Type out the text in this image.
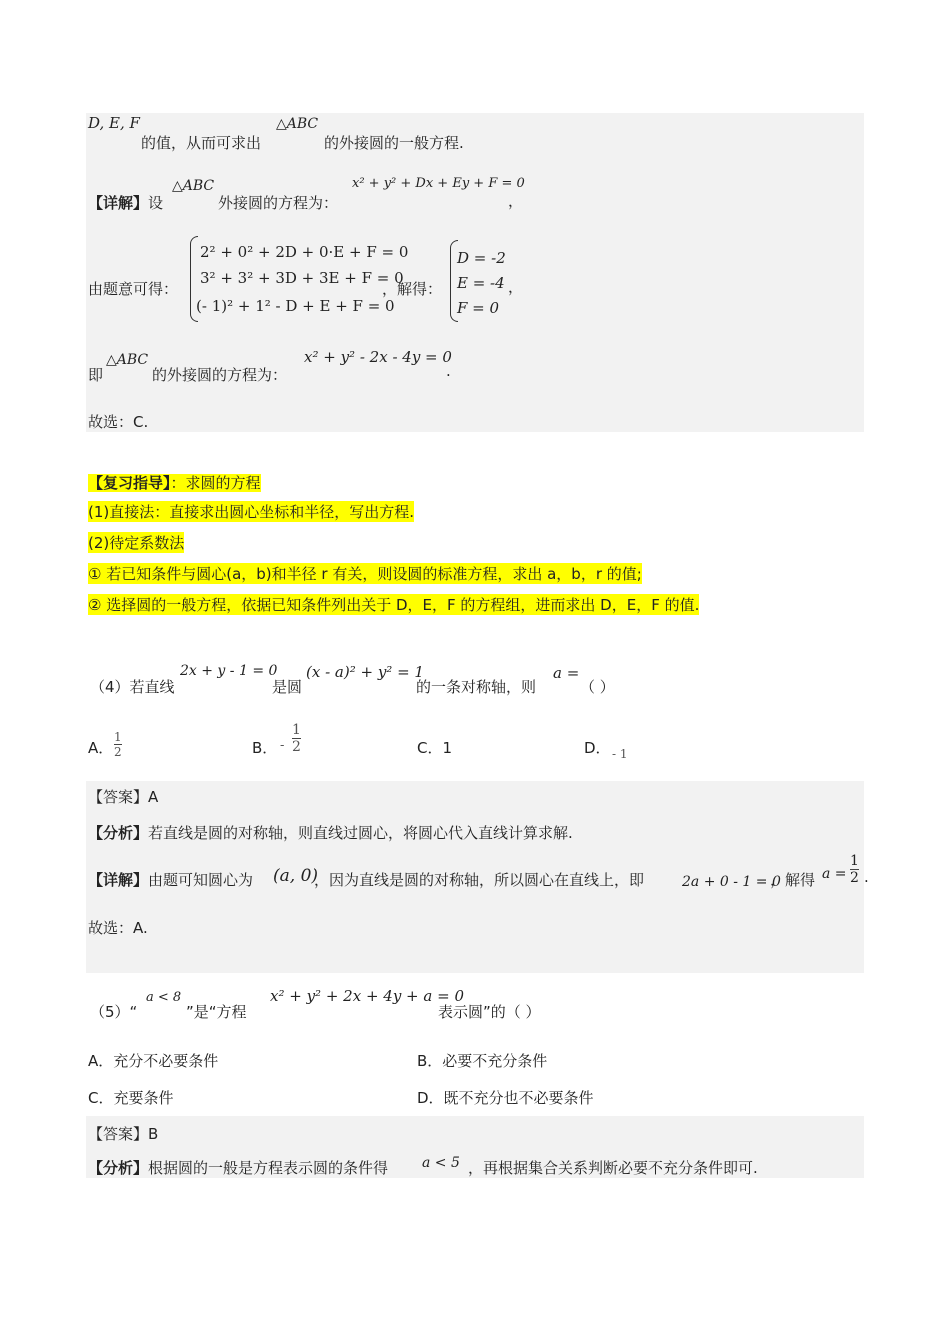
D, E, F
的值，从而可求出
△ABC
的外接圆的一般方程.
【详解】设
△ABC
外接圆的方程为：
x² + y² + Dx + Ey + F = 0
，
由题意可得：
2² + 0² + 2D + 0·E + F = 0
3² + 3² + 3D + 3E + F = 0
(- 1)² + 1² - D + E + F = 0
，解得：
D = -2
E = -4
F = 0
，
即
△ABC
的外接圆的方程为：
x² + y² - 2x - 4y = 0
.
故选：C.
【复习指导】：求圆的方程
(1)直接法：直接求出圆心坐标和半径，写出方程.
(2)待定系数法
① 若已知条件与圆心(a，b)和半径 r 有关，则设圆的标准方程，求出 a，b，r 的值;
② 选择圆的一般方程，依据已知条件列出关于 D，E，F 的方程组，进而求出 D，E，F 的值.
（4）若直线
2x + y - 1 = 0
是圆
(x - a)² + y² = 1
的一条对称轴，则
a =
（ ）
A．
1
2	B． -
1
2	C．1	D． - 1
【答案】A
【分析】若直线是圆的对称轴，则直线过圆心，将圆心代入直线计算求解.
【详解】由题可知圆心为 (a, 0)
，因为直线是圆的对称轴，所以圆心在直线上，即	2a + 0 - 1 = 0
，解得 a =
1
2 .
故选：A.
（5）“
a < 8
”是“方程
x² + y² + 2x + 4y + a = 0
表示圆”的（ ）
A．充分不必要条件	B．必要不充分条件
C．充要条件	D．既不充分也不必要条件
【答案】B
【分析】根据圆的一般是方程表示圆的条件得 a < 5 ，再根据集合关系判断必要不充分条件即可.
